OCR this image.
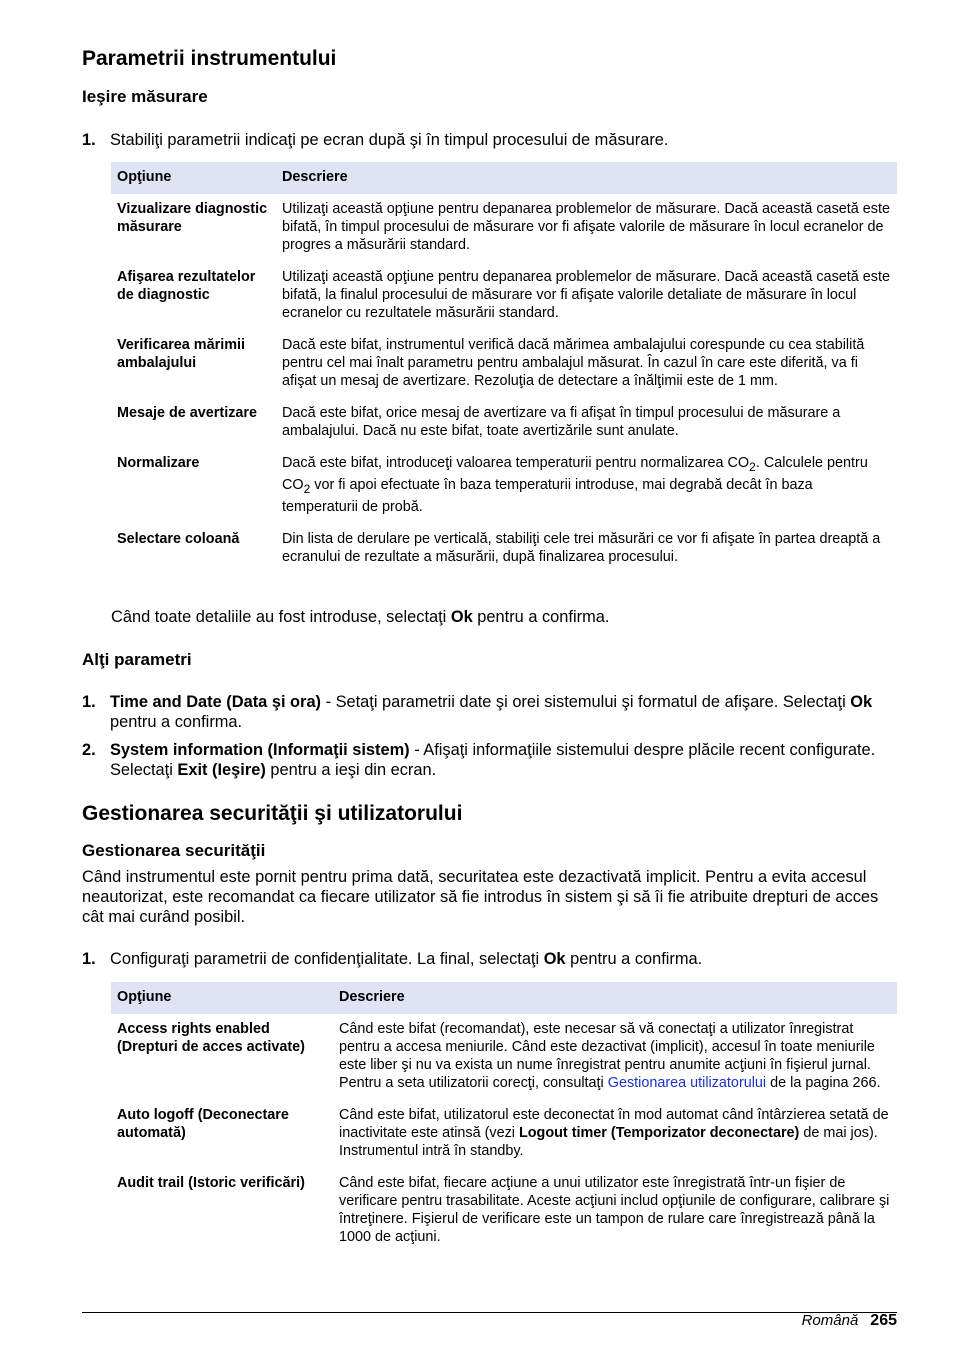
Parametrii instrumentului
Ieşire măsurare
1. Stabiliţi parametrii indicaţi pe ecran după şi în timpul procesului de măsurare.
Opţiune	Descriere
Vizualizare diagnostic măsurare	Utilizaţi această opţiune pentru depanarea problemelor de măsurare. Dacă această casetă este bifată, în timpul procesului de măsurare vor fi afişate valorile de măsurare în locul ecranelor de progres a măsurării standard.
Afişarea rezultatelor de diagnostic	Utilizaţi această opţiune pentru depanarea problemelor de măsurare. Dacă această casetă este bifată, la finalul procesului de măsurare vor fi afişate valorile detaliate de măsurare în locul ecranelor cu rezultatele măsurării standard.
Verificarea mărimii ambalajului	Dacă este bifat, instrumentul verifică dacă mărimea ambalajului corespunde cu cea stabilită pentru cel mai înalt parametru pentru ambalajul măsurat. În cazul în care este diferită, va fi afişat un mesaj de avertizare. Rezoluţia de detectare a înălţimii este de 1 mm.
Mesaje de avertizare	Dacă este bifat, orice mesaj de avertizare va fi afişat în timpul procesului de măsurare a ambalajului. Dacă nu este bifat, toate avertizările sunt anulate.
Normalizare	Dacă este bifat, introduceţi valoarea temperaturii pentru normalizarea $CO_2$. Calculele pentru $CO_2$ vor fi apoi efectuate în baza temperaturii introduse, mai degrabă decât în baza temperaturii de probă.
Selectare coloană	Din lista de derulare pe verticală, stabiliţi cele trei măsurări ce vor fi afişate în partea dreaptă a ecranului de rezultate a măsurării, după finalizarea procesului.

Când toate detaliile au fost introduse, selectaţi Ok pentru a confirma.

Alţi parametri
1. Time and Date (Data şi ora) - Setaţi parametrii date şi orei sistemului şi formatul de afişare. Selectaţi Ok pentru a confirma.
2. System information (Informaţii sistem) - Afişaţi informaţiile sistemului despre plăcile recent configurate. Selectaţi Exit (Ieşire) pentru a ieşi din ecran.
Gestionarea securităţii şi utilizatorului
Gestionarea securităţii

Când instrumentul este pornit pentru prima dată, securitatea este dezactivată implicit. Pentru a evita accesul neautorizat, este recomandat ca fiecare utilizator să fie introdus în sistem şi să îi fie atribuite drepturi de acces cât mai curând posibil.

1. Configuraţi parametrii de confidenţialitate. La final, selectaţi Ok pentru a confirma.
Opţiune	Descriere
Access rights enabled (Drepturi de acces activate)	Când este bifat (recomandat), este necesar să vă conectaţi a utilizator înregistrat pentru a accesa meniurile. Când este dezactivat (implicit), accesul în toate meniurile este liber şi nu va exista un nume înregistrat pentru anumite acţiuni în fişierul jurnal. Pentru a seta utilizatorii corecţi, consultaţi Gestionarea utilizatorului de la pagina 266.
Auto logoff (Deconectare automată)	Când este bifat, utilizatorul este deconectat în mod automat când întârzierea setată de inactivitate este atinsă (vezi Logout timer (Temporizator deconectare) de mai jos). Instrumentul intră în standby.
Audit trail (Istoric verificări)	Când este bifat, fiecare acţiune a unui utilizator este înregistrată într-un fişier de verificare pentru trasabilitate. Aceste acţiuni includ opţiunile de configurare, calibrare şi întreţinere. Fişierul de verificare este un tampon de rulare care înregistrează până la 1000 de acţiuni.
Română 265
